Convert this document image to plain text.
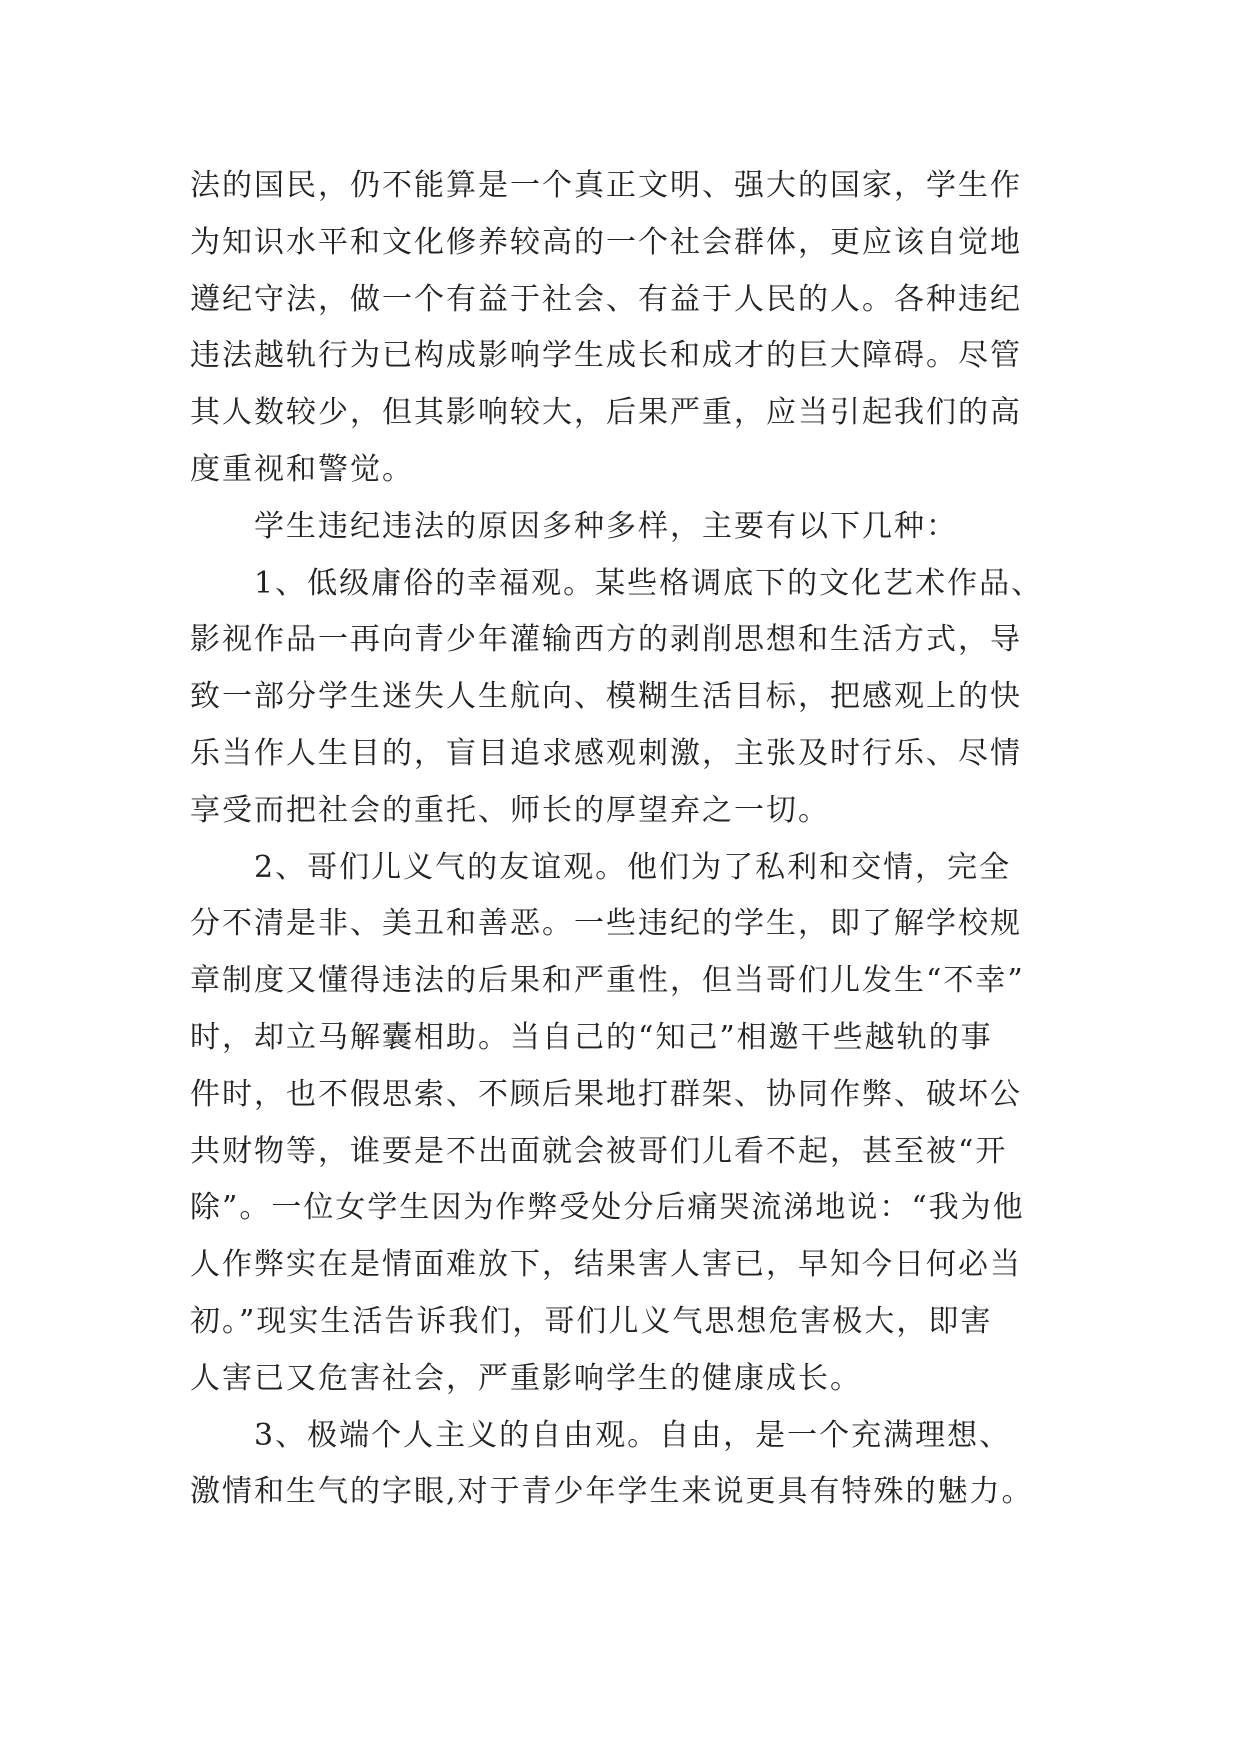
法的国民，仍不能算是一个真正文明、强大的国家，学生作
为知识水平和文化修养较高的一个社会群体，更应该自觉地
遵纪守法，做一个有益于社会、有益于人民的人。各种违纪
违法越轨行为已构成影响学生成长和成才的巨大障碍。尽管
其人数较少，但其影响较大，后果严重，应当引起我们的高
度重视和警觉。
学生违纪违法的原因多种多样，主要有以下几种：
1、低级庸俗的幸福观。某些格调底下的文化艺术作品、
影视作品一再向青少年灌输西方的剥削思想和生活方式，导
致一部分学生迷失人生航向、模糊生活目标，把感观上的快
乐当作人生目的，盲目追求感观刺激，主张及时行乐、尽情
享受而把社会的重托、师长的厚望弃之一切。
2、哥们儿义气的友谊观。他们为了私利和交情，完全
分不清是非、美丑和善恶。一些违纪的学生，即了解学校规
章制度又懂得违法的后果和严重性，但当哥们儿发生“不幸”
时，却立马解囊相助。当自己的“知己”相邀干些越轨的事
件时，也不假思索、不顾后果地打群架、协同作弊、破坏公
共财物等，谁要是不出面就会被哥们儿看不起，甚至被“开
除”。一位女学生因为作弊受处分后痛哭流涕地说：“我为他
人作弊实在是情面难放下，结果害人害已，早知今日何必当
初。”现实生活告诉我们，哥们儿义气思想危害极大，即害
人害已又危害社会，严重影响学生的健康成长。
3、极端个人主义的自由观。自由，是一个充满理想、
激情和生气的字眼,对于青少年学生来说更具有特殊的魅力。
